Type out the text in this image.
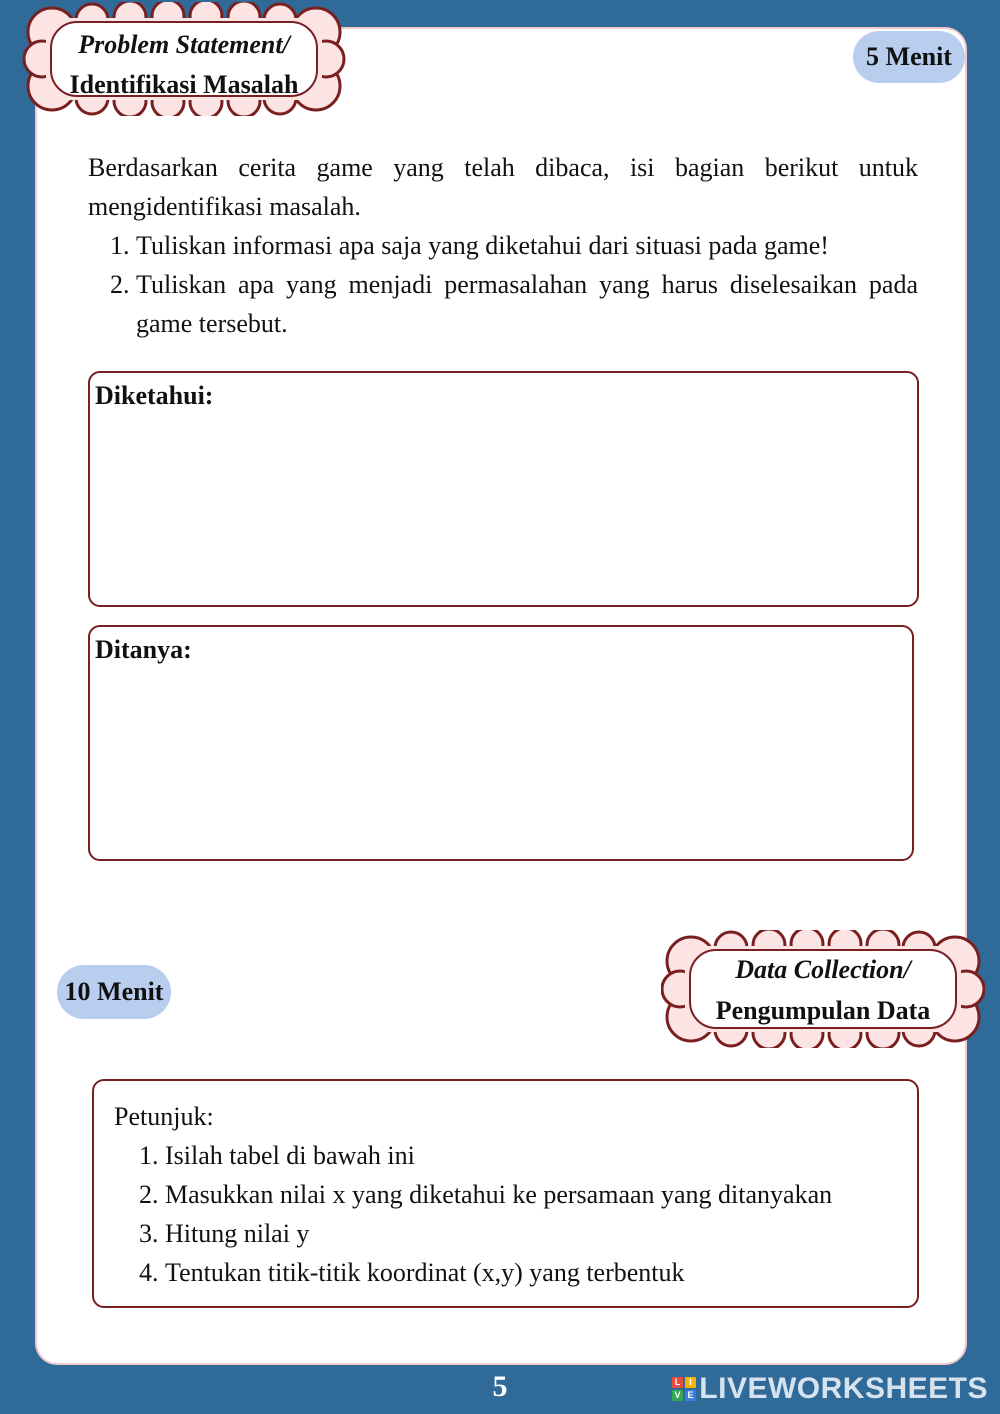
Problem Statement/
Identifikasi Masalah
5 Menit

Berdasarkan cerita game yang telah dibaca, isi bagian berikut untuk mengidentifikasi masalah.

1. Tuliskan informasi apa saja yang diketahui dari situasi pada game!
2. Tuliskan apa yang menjadi permasalahan yang harus diselesaikan pada game tersebut.
Diketahui:
Ditanya:
10 Menit
Data Collection/
Pengumpulan Data
Petunjuk:
1. Isilah tabel di bawah ini
2. Masukkan nilai x yang diketahui ke persamaan yang ditanyakan
3. Hitung nilai y
4. Tentukan titik-titik koordinat (x,y) yang terbentuk
5	L I
V E LIVEWORKSHEETS
